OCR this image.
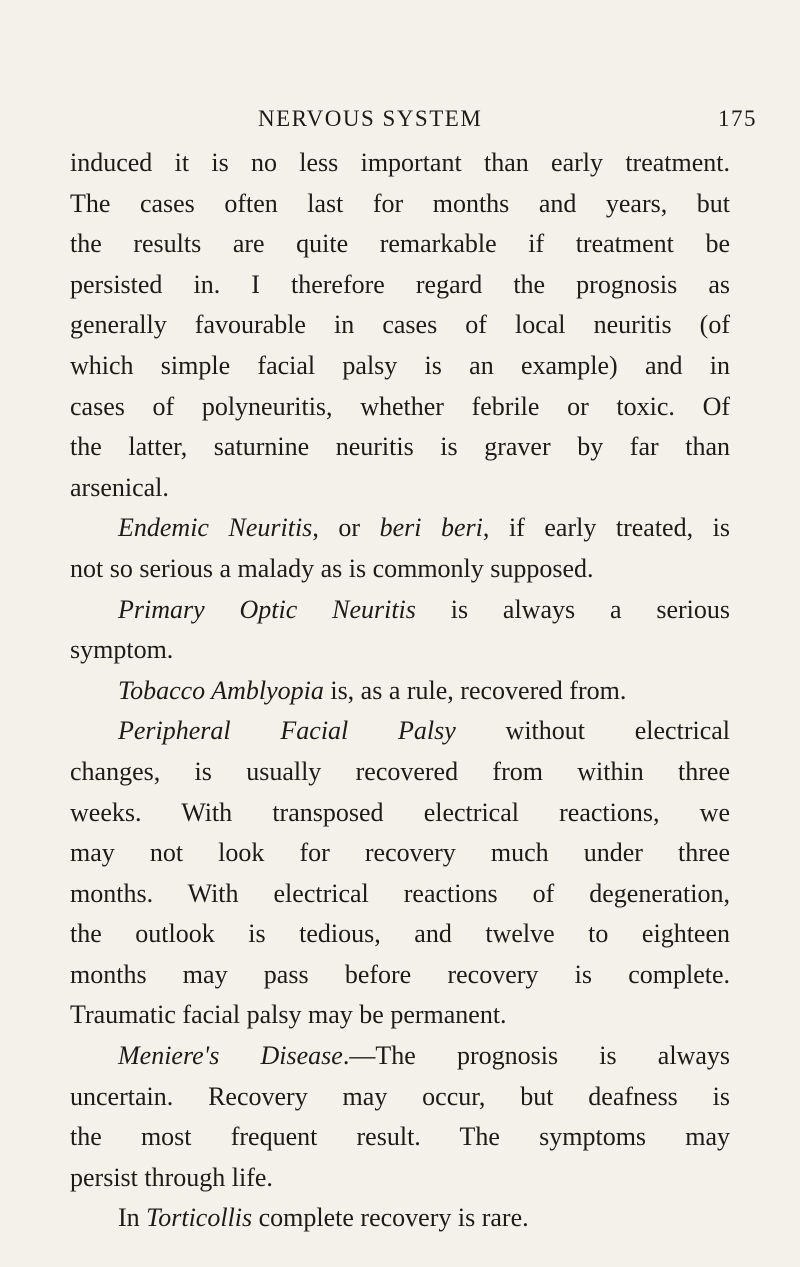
NERVOUS SYSTEM	175
induced it is no less important than early treatment.
The cases often last for months and years, but
the results are quite remarkable if treatment be
persisted in. I therefore regard the prognosis as
generally favourable in cases of local neuritis (of
which simple facial palsy is an example) and in
cases of polyneuritis, whether febrile or toxic. Of
the latter, saturnine neuritis is graver by far than
arsenical.
Endemic Neuritis, or beri beri, if early treated, is
not so serious a malady as is commonly supposed.
Primary Optic Neuritis is always a serious
symptom.
Tobacco Amblyopia is, as a rule, recovered from.
Peripheral Facial Palsy without electrical
changes, is usually recovered from within three
weeks. With transposed electrical reactions, we
may not look for recovery much under three
months. With electrical reactions of degeneration,
the outlook is tedious, and twelve to eighteen
months may pass before recovery is complete.
Traumatic facial palsy may be permanent.
Meniere's Disease.—The prognosis is always
uncertain. Recovery may occur, but deafness is
the most frequent result. The symptoms may
persist through life.
In Torticollis complete recovery is rare.
